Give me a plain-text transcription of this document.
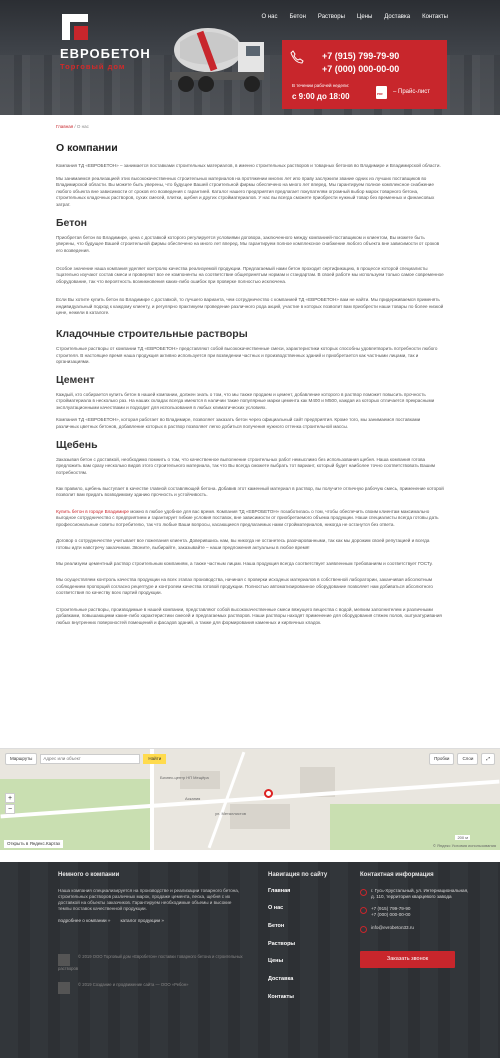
ЕВРОБЕТОН
Торговый дом
О нас Бетон Растворы Цены Доставка Контакты
+7 (915) 799-79-90
+7 (000) 000-00-00
В течении рабочей недели:
с 9:00 до 18:00	PDF – Прайс-лист
Главная / О нас
О компании

Компания ТД «ЕВРОБЕТОН» – занимается поставками строительных материалов, в именно строительных растворов и товарных бетонов во Владимире и Владимирской области.

Мы занимаемся реализацией этих высококачественных строительных материалов на протяжении многих лет ипо праву заслужили звание одних из лучших поставщиков во Владимирской области. Вы можете быть уверены, что будущее Вашей строительной фирмы обеспечено на много лет вперед. Мы гарантируем полное комплексное снабжение любого объекта вне зависимости от сроков его возведения с гарантией. Каталог нашего предприятия предлагает покупателям огромный выбор марок товарного бетона, строительных кладочных растворов, сухих смесей, плитки, щебня и других стройматериалов. У нас вы всегда сможете приобрести нужный товар без временных и финансовых затрат.

Бетон

Приобретая бетон во Владимире, цена с доставкой которого регулируется условиями договора, заключенного между компанией-поставщиком и клиентом, Вы можете быть уверены, что будущее Вашей строительной фирмы обеспечено на много лет вперед. Мы гарантируем полное комплексное снабжение любого объекта вне зависимости от сроков его возведения.

Особое значение наша компания уделяет контролю качества реализуемой продукции. Предлагаемый нами бетон проходит сертификацию, в процессе которой специалисты тщательно изучают состав смеси и проверяют все ее компоненты на соответствие общепринятым нормам и стандартам. В своей работе мы используем только самое современное оборудование, так что вероятность возникновения каких-либо ошибок при проверке полностью исключена.

Если Вы хотите купить бетон во Владимире с доставкой, то лучшего варианта, чем сотрудничество с компанией ТД «ЕВРОБЕТОН» вам не найти. Мы придерживаемся применять индивидуальный подход к каждому клиенту, и регулярно практикуем проведение различного рода акций, участие в которых позволит вам приобрести наши товары по более низкой цене, нежели в каталоге.

Кладочные строительные растворы

Строительные растворы от компании ТД «ЕВРОБЕТОН» представляют собой высококачественные смеси, характеристики которых способны удовлетворить потребности любого строителя. В настоящее время наша продукция активно используется при возведении частных и производственных зданий и приобретается как частными лицами, так и организациями.

Цемент

Каждый, кто собирается купить бетон в нашей компании, должен знать о том, что мы также продаем и цемент, добавление которого в раствор поможет повысить прочность стройматериала в несколько раз. На наших складах всегда имеются в наличии такие популярные марки цемента как М400 и М500, каждая из которых отличается прекрасными эксплуатационными качествами и подходит для использования в любых климатических условиях.

Компания ТД «ЕВРОБЕТОН», которая работает во Владимире, позволяет заказать бетон через официальный сайт предприятия. Кроме того, мы занимаемся поставками различных цветных бетонов, добавление которых в раствор позволяет легко добиться получения нужного оттенка строительной массы.

Щебень

Заказывая бетон с доставкой, необходимо помнить о том, что качественное выполнение строительных работ немыслимо без использования щебня. Наша компания готова предложить вам сразу несколько видов этого строительного материала, так что Вы всегда сможете выбрать тот вариант, который будет наиболее точно соответствовать Вашим потребностям.

Как правило, щебень выступает в качестве главной составляющей бетона. Добавив этот каменный материал в раствор, вы получите отличную рабочую смесь, применение которой позволит вам придать возводимому зданию прочность и устойчивость.

Купить бетон в городе Владимире можно в любое удобное для вас время. Компания ТД «ЕВРОБЕТОН» позаботилась о том, чтобы обеспечить своим клиентам максимально выгодное сотрудничество с предприятием и гарантирует гибкие условия поставок, вне зависимости от приобретаемого объема продукции. Наши специалисты всегда готовы дать профессиональные советы потребителю, так что любые Ваши вопросы, касающиеся предлагаемых нами стройматериалов, никогда не останутся без ответа.

Договор о сотрудничестве учитывает все пожелания клиента. Доверившись нам, вы никогда не останетесь разочарованными, так как мы дорожим своей репутацией и всегда готовы идти навстречу заказчикам. Звоните, выбирайте, заказывайте – наши предложения актуальны в любое время!

Мы реализуем цементный раствор строительным компаниям, а также частным лицам. Наша продукция всегда соответствует заявленным требованиям и соответствует ГОСТу.

Мы осуществляем контроль качества продукции на всех этапах производства, начиная с проверки исходных материалов в собственной лаборатории, заканчивая абсолютным соблюдением пропорций согласно рецептуре и контролем качества готовой продукции. Полностью автоматизированное оборудование позволяет нам добиваться абсолютного соответствия по качеству всех партий продукции.

Строительные растворы, производимые в нашей компании, представляют собой высококачественные смеси вяжущего вещества с водой, мелким заполнителем и различными добавками, повышающими какие-либо характеристики смесей и предлагаемых растворов. Наши растворы находят применение для оборудования стяжек полов, оштукатуривания любых внутренних поверхностей помещений и фасадов зданий, а также для формирования каменных и кирпичных кладок.

Маршруты
Адрес или объект	Найти	Пробки	Слои	⤢
+
−
Бизнес-центр НП Мещёра
Аскания
ул. Металлистов
Открыть в Яндекс.Картах
200 м
© Яндекс Условия использования
Немного о компании
Наша компания специализируется на производстве и реализации товарного бетона, строительных растворов различных марок, продаже цемента, песка, щебня с их доставкой на объекты заказчиков. Гарантируем необходимые объемы и высокие темпы поставок качественной продукции.
подробнее о компании » каталог продукции »
© 2019 ООО Торговый дом «Евробетон» поставки товарного бетона и строительных растворов
© 2019 Создание и продвижение сайта — ООО «Ребон»
Навигация по сайту
Главная
О нас
Бетон
Растворы
Цены
Доставка
Контакты
Контактная информация
г. Гусь-Хрустальный, ул. Интернациональная, д. 110, территория кварцевого завода
+7 (915) 799-79-90
+7 (000) 000-00-00
info@evrobeton33.ru
Заказать звонок
